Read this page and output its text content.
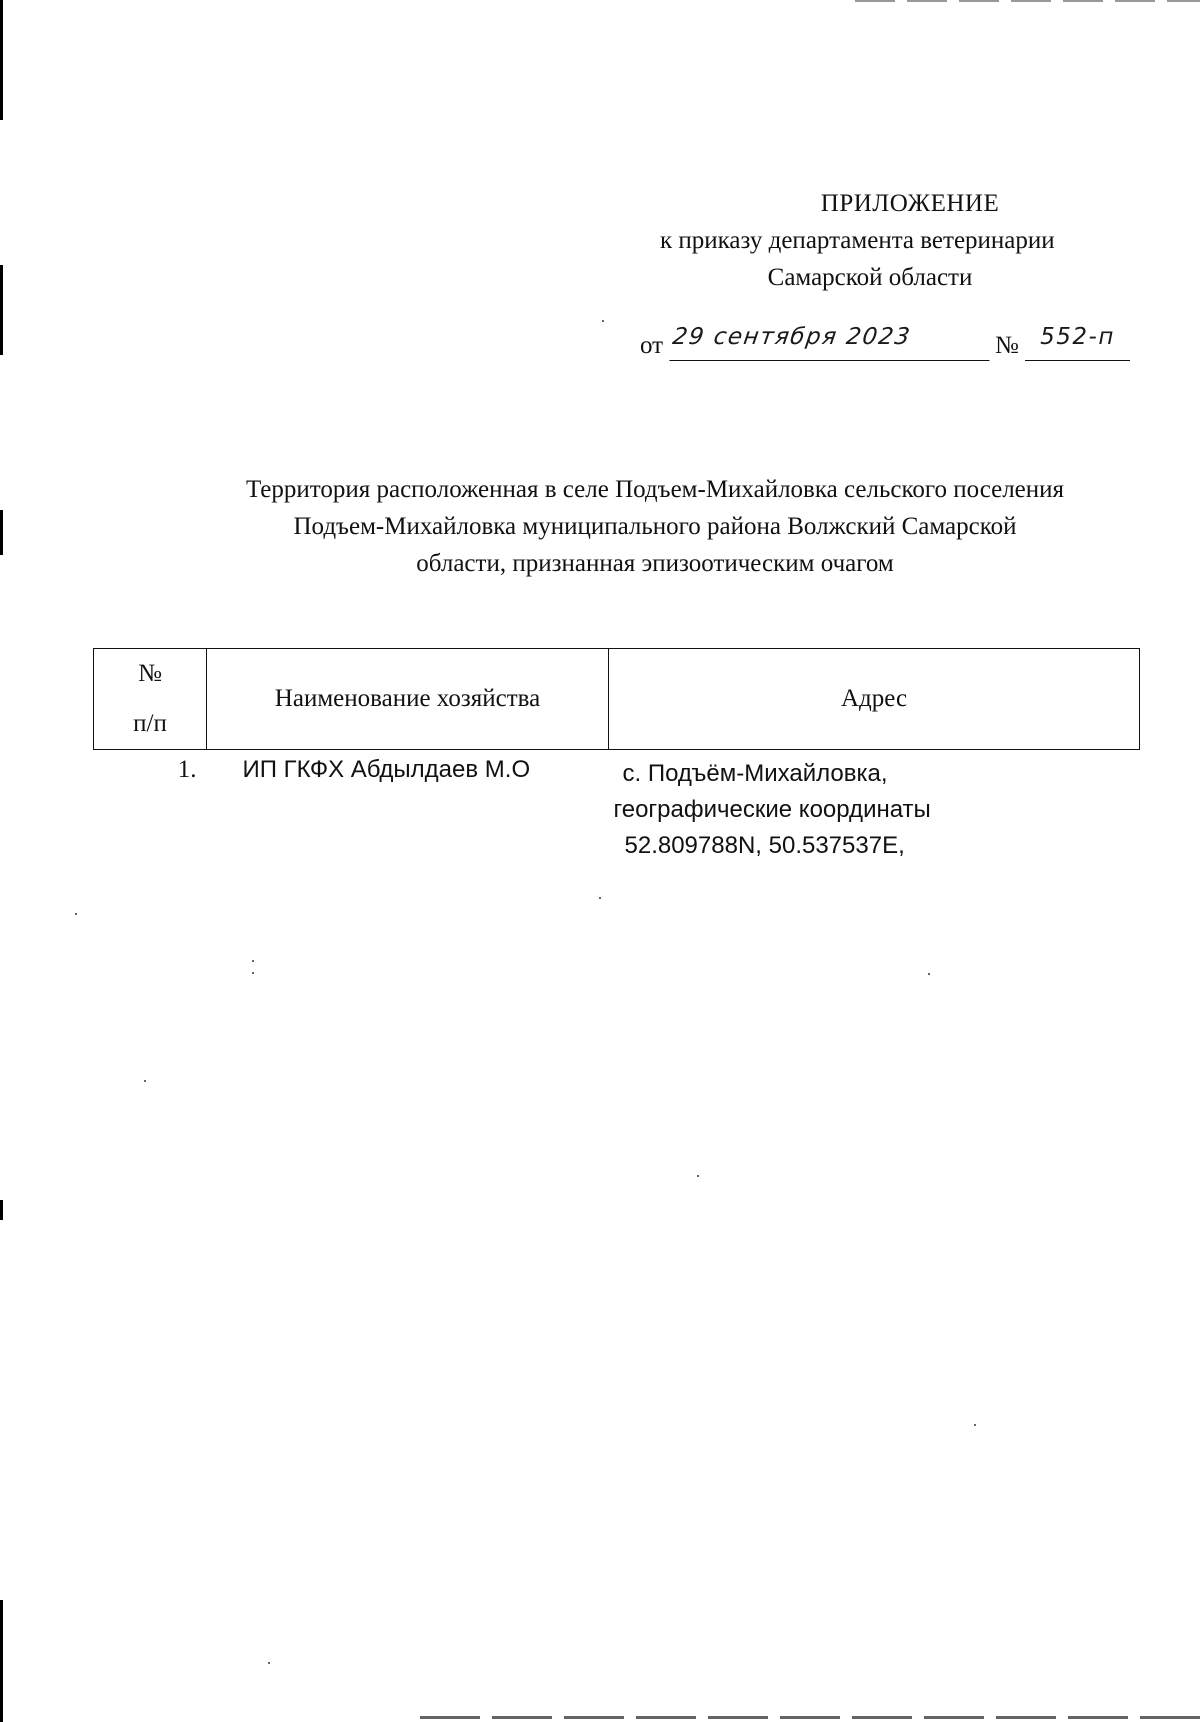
ПРИЛОЖЕНИЕ
к приказу департамента ветеринарии
Самарской области
от 29 сентября 2023	№ 552-п
Территория расположенная в селе Подъем-Михайловка сельского поселения
Подъем-Михайловка муниципального района Волжский Самарской
области, признанная эпизоотическим очагом
№
п/п	Наименование хозяйства	Адрес
1.	ИП ГКФХ Абдылдаев М.О	с. Подъём-Михайловка,
географические координаты
52.809788N, 50.537537E,
